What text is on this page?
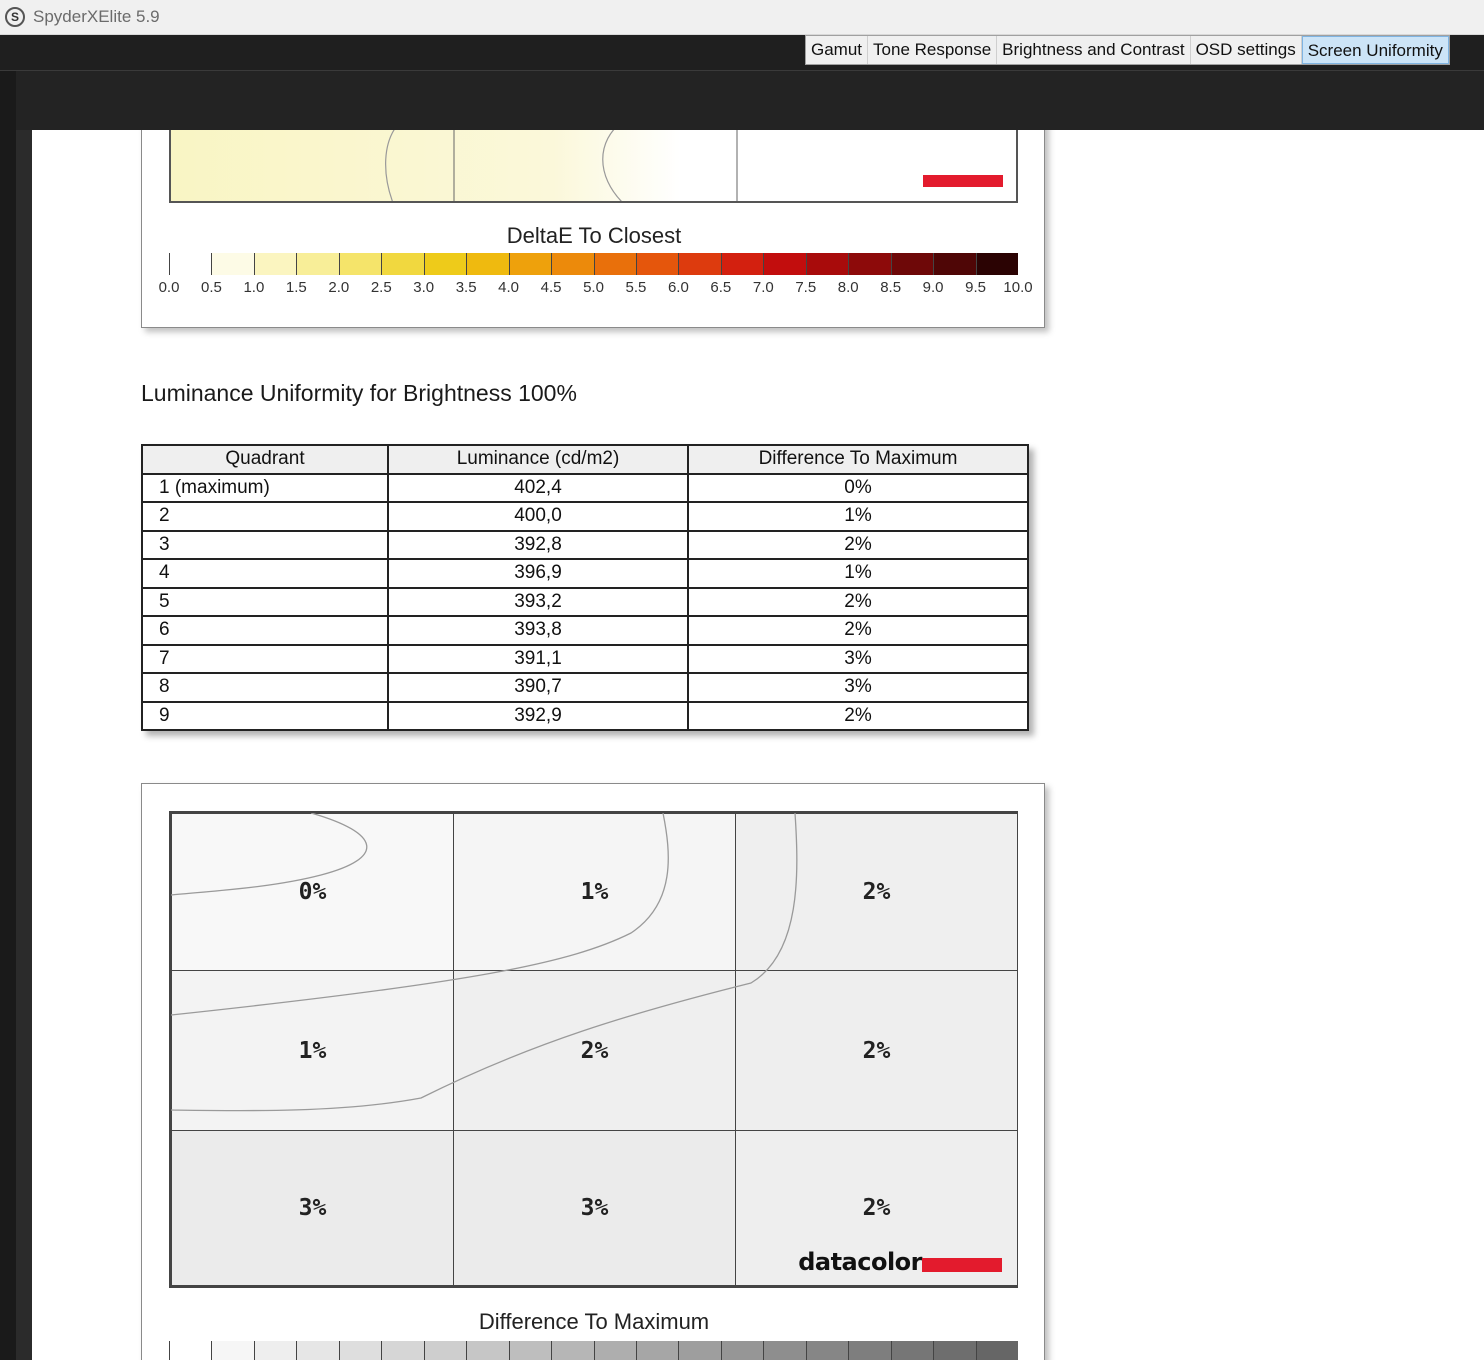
S SpyderXElite 5.9
Gamut Tone Response Brightness and Contrast OSD settings Screen Uniformity
DeltaE To Closest
0.0 0.5 1.0 1.5 2.0 2.5 3.0 3.5 4.0 4.5 5.0 5.5 6.0 6.5 7.0 7.5 8.0 8.5 9.0 9.5 10.0
Luminance Uniformity for Brightness 100%
Quadrant	Luminance (cd/m2)	Difference To Maximum
1 (maximum)	402,4	0%
2	400,0	1%
3	392,8	2%
4	396,9	1%
5	393,2	2%
6	393,8	2%
7	391,1	3%
8	390,7	3%
9	392,9	2%
0%	1%	2%
1%	2%	2%
3%	3%	2%
datacolor
Difference To Maximum
